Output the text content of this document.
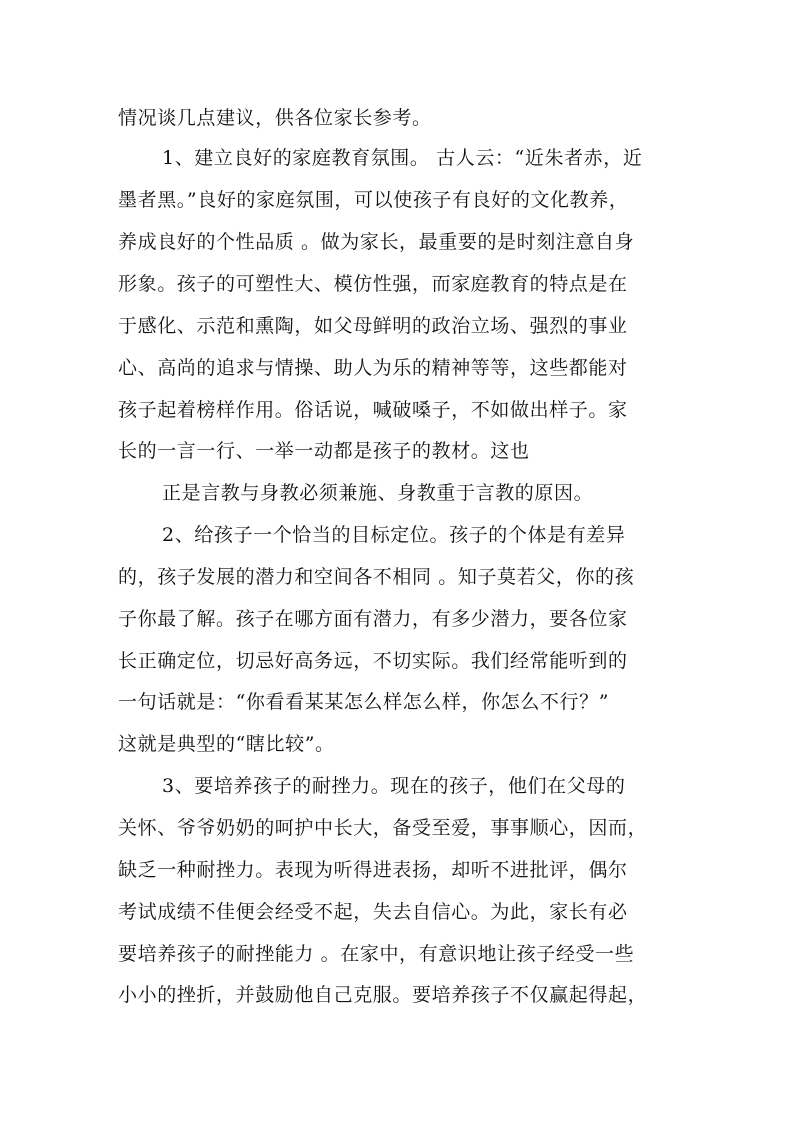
情况谈几点建议，供各位家长参考。
1、建立良好的家庭教育氛围。 古人云：“近朱者赤，近
墨者黑。”良好的家庭氛围，可以使孩子有良好的文化教养，
养成良好的个性品质 。做为家长，最重要的是时刻注意自身
形象。孩子的可塑性大、模仿性强，而家庭教育的特点是在
于感化、示范和熏陶，如父母鲜明的政治立场、强烈的事业
心、高尚的追求与情操、助人为乐的精神等等，这些都能对
孩子起着榜样作用。俗话说，喊破嗓子，不如做出样子。家
长的一言一行、一举一动都是孩子的教材。这也
正是言教与身教必须兼施、身教重于言教的原因。
2、给孩子一个恰当的目标定位。孩子的个体是有差异
的，孩子发展的潜力和空间各不相同 。知子莫若父，你的孩
子你最了解。孩子在哪方面有潜力，有多少潜力，要各位家
长正确定位，切忌好高务远，不切实际。我们经常能听到的
一句话就是：“你看看某某怎么样怎么样，你怎么不行？”
这就是典型的“瞎比较”。
3、要培养孩子的耐挫力。现在的孩子，他们在父母的
关怀、爷爷奶奶的呵护中长大，备受至爱，事事顺心，因而，
缺乏一种耐挫力。表现为听得进表扬，却听不进批评，偶尔
考试成绩不佳便会经受不起，失去自信心。为此，家长有必
要培养孩子的耐挫能力 。在家中，有意识地让孩子经受一些
小小的挫折，并鼓励他自己克服。要培养孩子不仅赢起得起，
